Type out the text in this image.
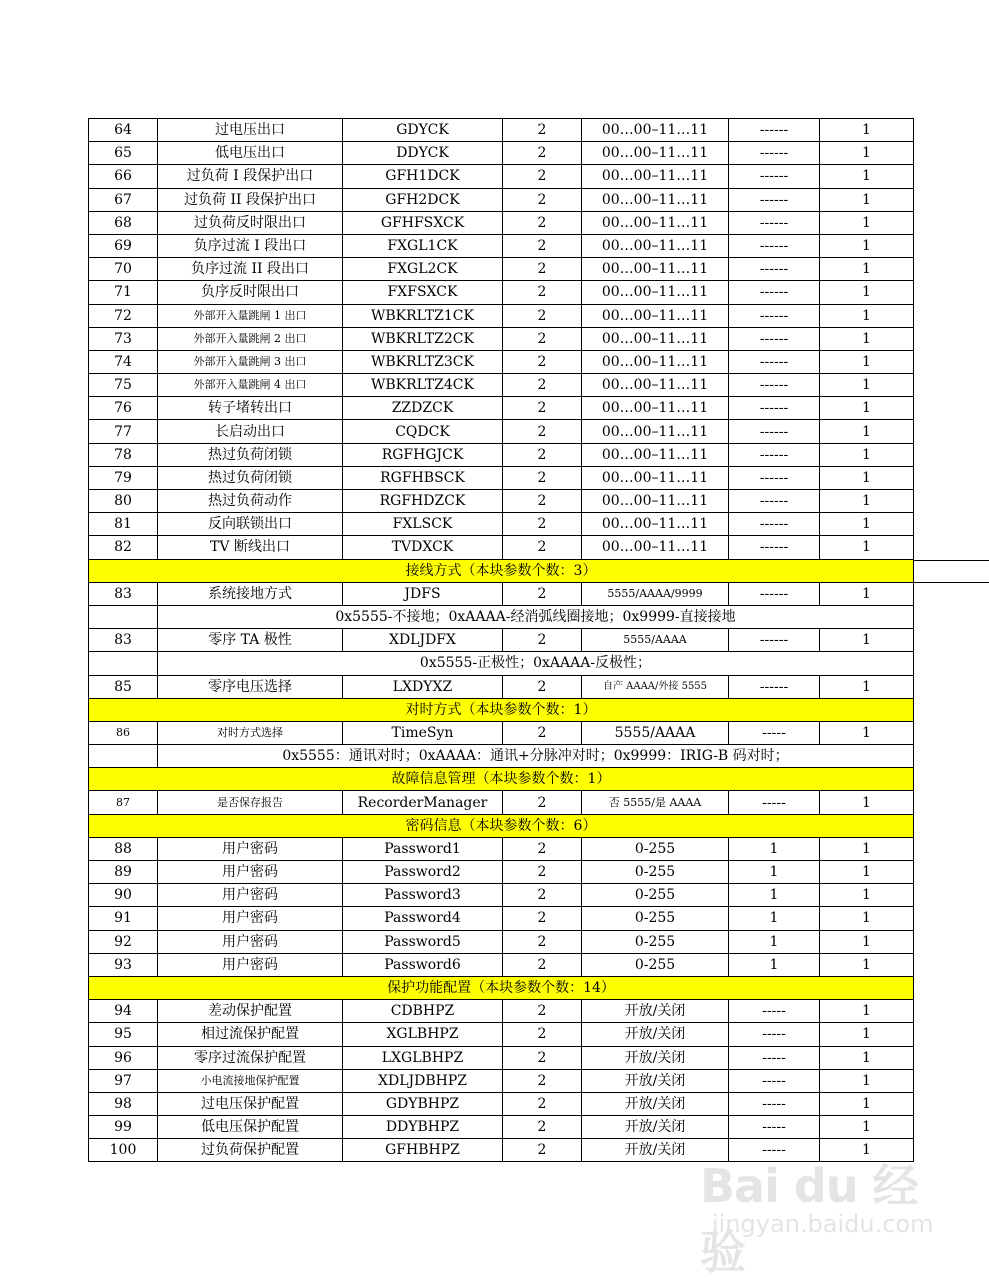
64	过电压出口	GDYCK	2	00…00–11…11	------	1
65	低电压出口	DDYCK	2	00…00–11…11	------	1
66	过负荷 I 段保护出口	GFH1DCK	2	00…00–11…11	------	1
67	过负荷 II 段保护出口	GFH2DCK	2	00…00–11…11	------	1
68	过负荷反时限出口	GFHFSXCK	2	00…00–11…11	------	1
69	负序过流 I 段出口	FXGL1CK	2	00…00–11…11	------	1
70	负序过流 II 段出口	FXGL2CK	2	00…00–11…11	------	1
71	负序反时限出口	FXFSXCK	2	00…00–11…11	------	1
72	外部开入量跳闸 1 出口	WBKRLTZ1CK	2	00…00–11…11	------	1
73	外部开入量跳闸 2 出口	WBKRLTZ2CK	2	00…00–11…11	------	1
74	外部开入量跳闸 3 出口	WBKRLTZ3CK	2	00…00–11…11	------	1
75	外部开入量跳闸 4 出口	WBKRLTZ4CK	2	00…00–11…11	------	1
76	转子堵转出口	ZZDZCK	2	00…00–11…11	------	1
77	长启动出口	CQDCK	2	00…00–11…11	------	1
78	热过负荷闭锁	RGFHGJCK	2	00…00–11…11	------	1
79	热过负荷闭锁	RGFHBSCK	2	00…00–11…11	------	1
80	热过负荷动作	RGFHDZCK	2	00…00–11…11	------	1
81	反向联锁出口	FXLSCK	2	00…00–11…11	------	1
82	TV 断线出口	TVDXCK	2	00…00–11…11	------	1
接线方式（本块参数个数：3）						
83	系统接地方式	JDFS	2	5555/AAAA/9999	------	1
	0x5555-不接地；0xAAAA-经消弧线圈接地；0x9999-直接接地					
83	零序 TA 极性	XDLJDFX	2	5555/AAAA	------	1
	0x5555-正极性；0xAAAA-反极性；					
85	零序电压选择	LXDYXZ	2	自产 AAAA/外接 5555	------	1
对时方式（本块参数个数：1）						
86	对时方式选择	TimeSyn	2	5555/AAAA	-----	1
	0x5555：通讯对时；0xAAAA：通讯+分脉冲对时；0x9999：IRIG-B 码对时；					
故障信息管理（本块参数个数：1）						
87	是否保存报告	RecorderManager	2	否 5555/是 AAAA	-----	1
密码信息（本块参数个数：6）						
88	用户密码	Password1	2	0-255	1	1
89	用户密码	Password2	2	0-255	1	1
90	用户密码	Password3	2	0-255	1	1
91	用户密码	Password4	2	0-255	1	1
92	用户密码	Password5	2	0-255	1	1
93	用户密码	Password6	2	0-255	1	1
保护功能配置（本块参数个数：14）						
94	差动保护配置	CDBHPZ	2	开放/关闭	-----	1
95	相过流保护配置	XGLBHPZ	2	开放/关闭	-----	1
96	零序过流保护配置	LXGLBHPZ	2	开放/关闭	-----	1
97	小电流接地保护配置	XDLJDBHPZ	2	开放/关闭	-----	1
98	过电压保护配置	GDYBHPZ	2	开放/关闭	-----	1
99	低电压保护配置	DDYBHPZ	2	开放/关闭	-----	1
100	过负荷保护配置	GFHBHPZ	2	开放/关闭	-----	1
Bai du 经验
jingyan.baidu.com
